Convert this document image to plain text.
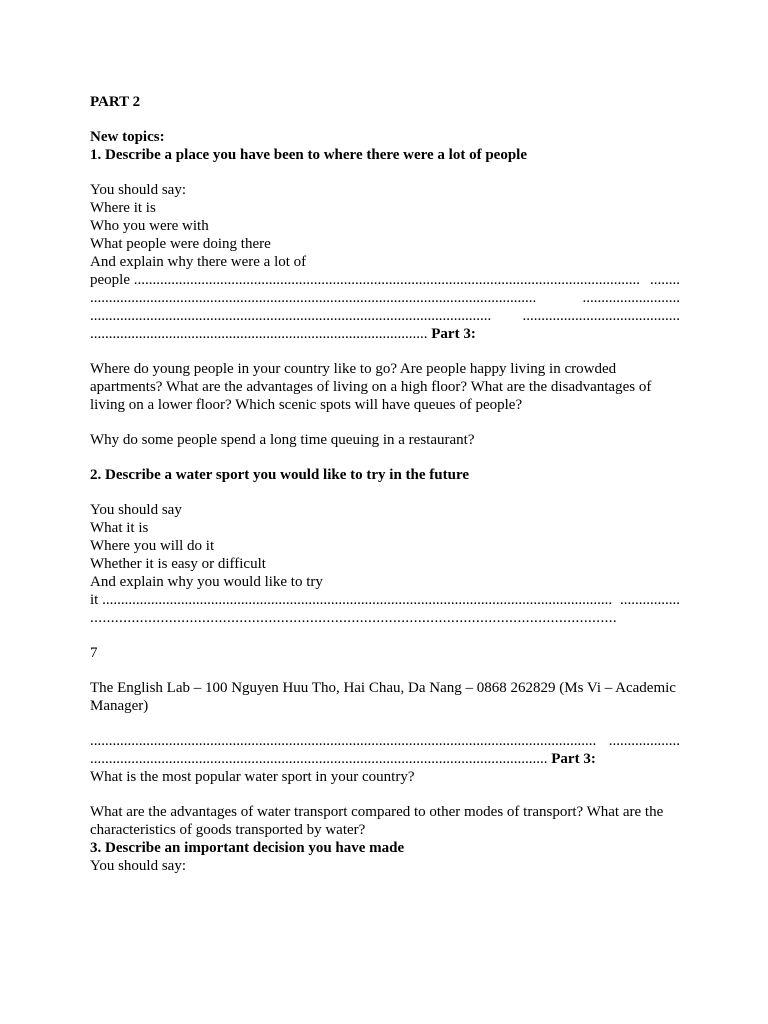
PART 2
New topics:
1. Describe a place you have been to where there were a lot of people
You should say:
Where it is
Who you were with
What people were doing there
And explain why there were a lot of
people ....................................................................................................................................... ........
.......................................................................................................................	..........................
........................................................................................................... ..........................................
.......................................................................................... Part 3:
Where do young people in your country like to go? Are people happy living in crowded apartments? What are the advantages of living on a high floor? What are the disadvantages of living on a lower floor? Which scenic spots will have queues of people?
Why do some people spend a long time queuing in a restaurant?
2. Describe a water sport you would like to try in the future
You should say
What it is
Where you will do it
Whether it is easy or difficult
And explain why you would like to try
it ........................................................................................................................................ ................
...............................................................................................................................
7
The English Lab – 100 Nguyen Huu Tho, Hai Chau, Da Nang – 0868 262829 (Ms Vi – Academic Manager)
....................................................................................................................................... ...................
.......................................................................................................................... Part 3:
What is the most popular water sport in your country?
What are the advantages of water transport compared to other modes of transport? What are the characteristics of goods transported by water?
3. Describe an important decision you have made
You should say:
